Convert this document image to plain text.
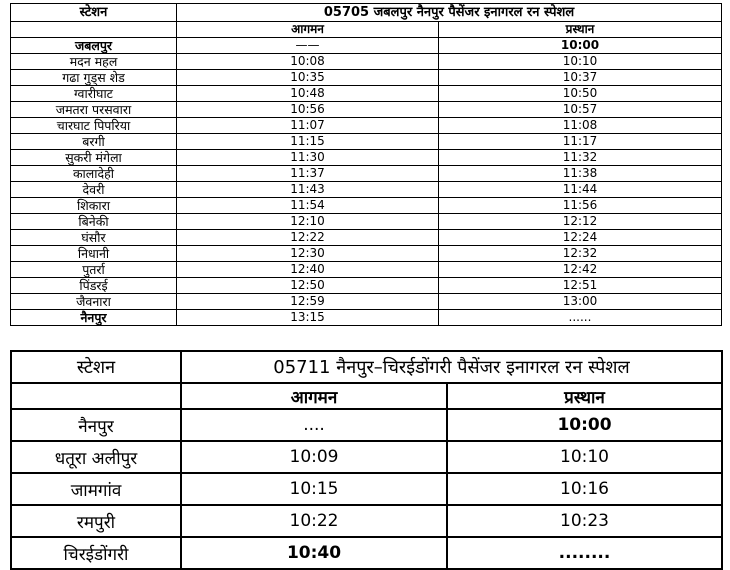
स्टेशन	05705 जबलपुर नैनपुर पैसेंजर इनागरल रन स्पेशल	
	आगमन	प्रस्थान
जबलपुर	——	10:00
मदन महल	10:08	10:10
गढा गुड्स शेड	10:35	10:37
ग्वारीघाट	10:48	10:50
जमतरा परसवारा	10:56	10:57
चारघाट पिपरिया	11:07	11:08
बरगी	11:15	11:17
सुकरी मंगेला	11:30	11:32
कालादेही	11:37	11:38
देवरी	11:43	11:44
शिकारा	11:54	11:56
बिनेकी	12:10	12:12
घंसौर	12:22	12:24
निधानी	12:30	12:32
पुतर्रा	12:40	12:42
पिंडरई	12:50	12:51
जैवनारा	12:59	13:00
नैनपुर	13:15	......
स्टेशन	05711 नैनपुर–चिरईडोंगरी पैसेंजर इनागरल रन स्पेशल	
	आगमन	प्रस्थान
नैनपुर	....	10:00
धतूरा अलीपुर	10:09	10:10
जामगांव	10:15	10:16
रमपुरी	10:22	10:23
चिरईडोंगरी	10:40	........
